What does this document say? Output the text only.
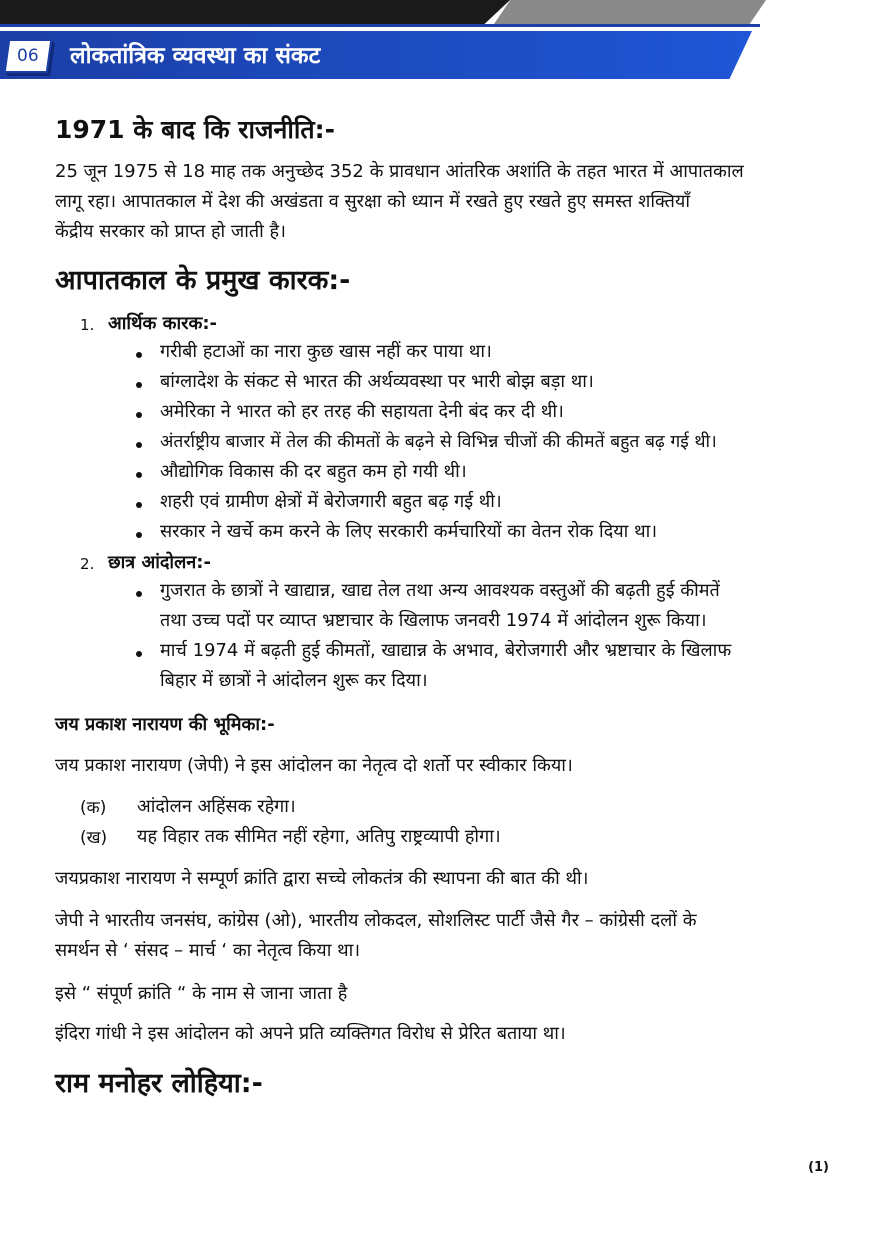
06 लोकतांत्रिक व्यवस्था का संकट
1971 के बाद कि राजनीति:-
25 जून 1975 से 18 माह तक अनुच्छेद 352 के प्रावधान आंतरिक अशांति के तहत भारत में आपातकाल
लागू रहा। आपातकाल में देश की अखंडता व सुरक्षा को ध्यान में रखते हुए रखते हुए समस्त शक्तियाँ
केंद्रीय सरकार को प्राप्त हो जाती है।
आपातकाल के प्रमुख कारक:-
1. आर्थिक कारक:-
गरीबी हटाओं का नारा कुछ खास नहीं कर पाया था।
बांग्लादेश के संकट से भारत की अर्थव्यवस्था पर भारी बोझ बड़ा था।
अमेरिका ने भारत को हर तरह की सहायता देनी बंद कर दी थी।
अंतर्राष्ट्रीय बाजार में तेल की कीमतों के बढ़ने से विभिन्न चीजों की कीमतें बहुत बढ़ गई थी।
औद्योगिक विकास की दर बहुत कम हो गयी थी।
शहरी एवं ग्रामीण क्षेत्रों में बेरोजगारी बहुत बढ़ गई थी।
सरकार ने खर्चे कम करने के लिए सरकारी कर्मचारियों का वेतन रोक दिया था।
2. छात्र आंदोलन:-
गुजरात के छात्रों ने खाद्यान्न, खाद्य तेल तथा अन्य आवश्यक वस्तुओं की बढ़ती हुई कीमतें
तथा उच्च पदों पर व्याप्त भ्रष्टाचार के खिलाफ जनवरी 1974 में आंदोलन शुरू किया।
मार्च 1974 में बढ़ती हुई कीमतों, खाद्यान्न के अभाव, बेरोजगारी और भ्रष्टाचार के खिलाफ
बिहार में छात्रों ने आंदोलन शुरू कर दिया।
जय प्रकाश नारायण की भूमिका:-
जय प्रकाश नारायण (जेपी) ने इस आंदोलन का नेतृत्व दो शर्तो पर स्वीकार किया।
(क) आंदोलन अहिंसक रहेगा।
(ख) यह विहार तक सीमित नहीं रहेगा, अतिपु राष्ट्रव्यापी होगा।
जयप्रकाश नारायण ने सम्पूर्ण क्रांति द्वारा सच्चे लोकतंत्र की स्थापना की बात की थी।
जेपी ने भारतीय जनसंघ, कांग्रेस (ओ), भारतीय लोकदल, सोशलिस्ट पार्टी जैसे गैर – कांग्रेसी दलों के
समर्थन से ‘ संसद – मार्च ‘ का नेतृत्व किया था।
इसे “ संपूर्ण क्रांति “ के नाम से जाना जाता है
इंदिरा गांधी ने इस आंदोलन को अपने प्रति व्यक्तिगत विरोध से प्रेरित बताया था।
राम मनोहर लोहिया:-
(1)
